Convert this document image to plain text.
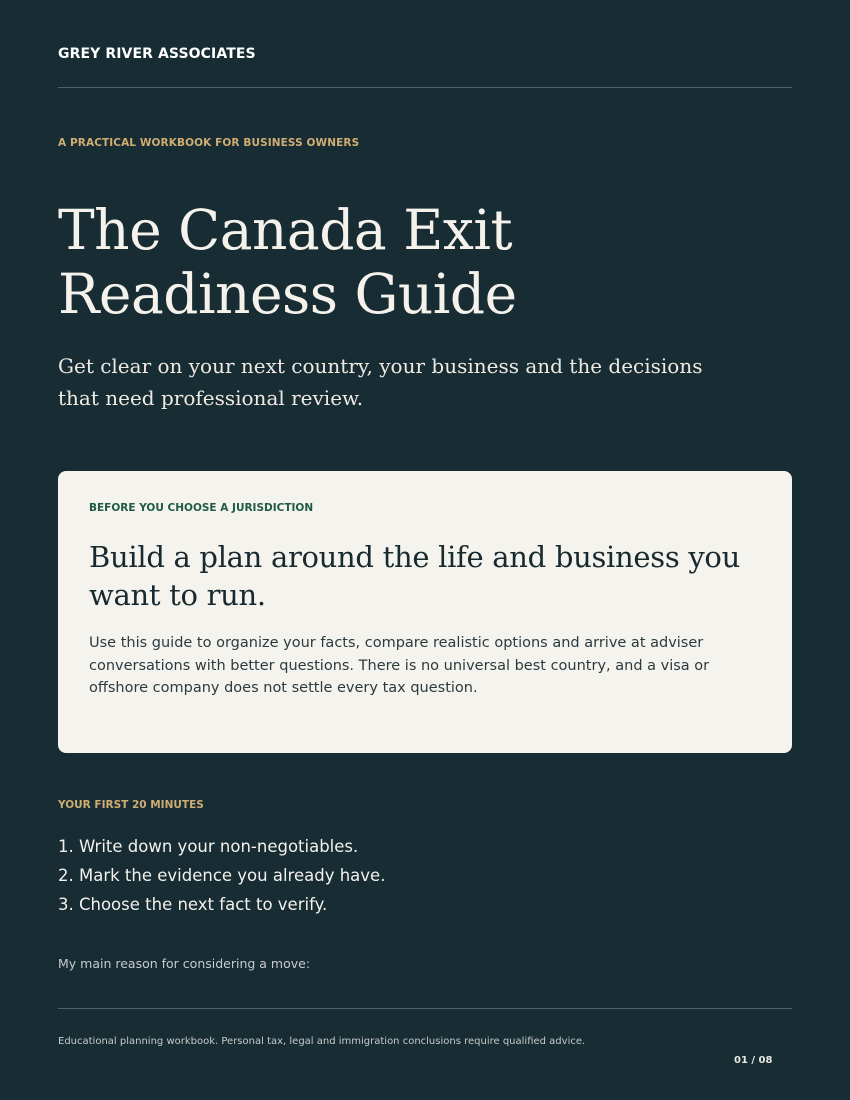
GREY RIVER ASSOCIATES
A PRACTICAL WORKBOOK FOR BUSINESS OWNERS
The Canada Exit Readiness Guide
Get clear on your next country, your business and the decisions that need professional review.
BEFORE YOU CHOOSE A JURISDICTION
Build a plan around the life and business you want to run.
Use this guide to organize your facts, compare realistic options and arrive at adviser conversations with better questions. There is no universal best country, and a visa or offshore company does not settle every tax question.
YOUR FIRST 20 MINUTES
1. Write down your non-negotiables.
2. Mark the evidence you already have.
3. Choose the next fact to verify.
My main reason for considering a move:
Educational planning workbook. Personal tax, legal and immigration conclusions require qualified advice.
01 / 08
